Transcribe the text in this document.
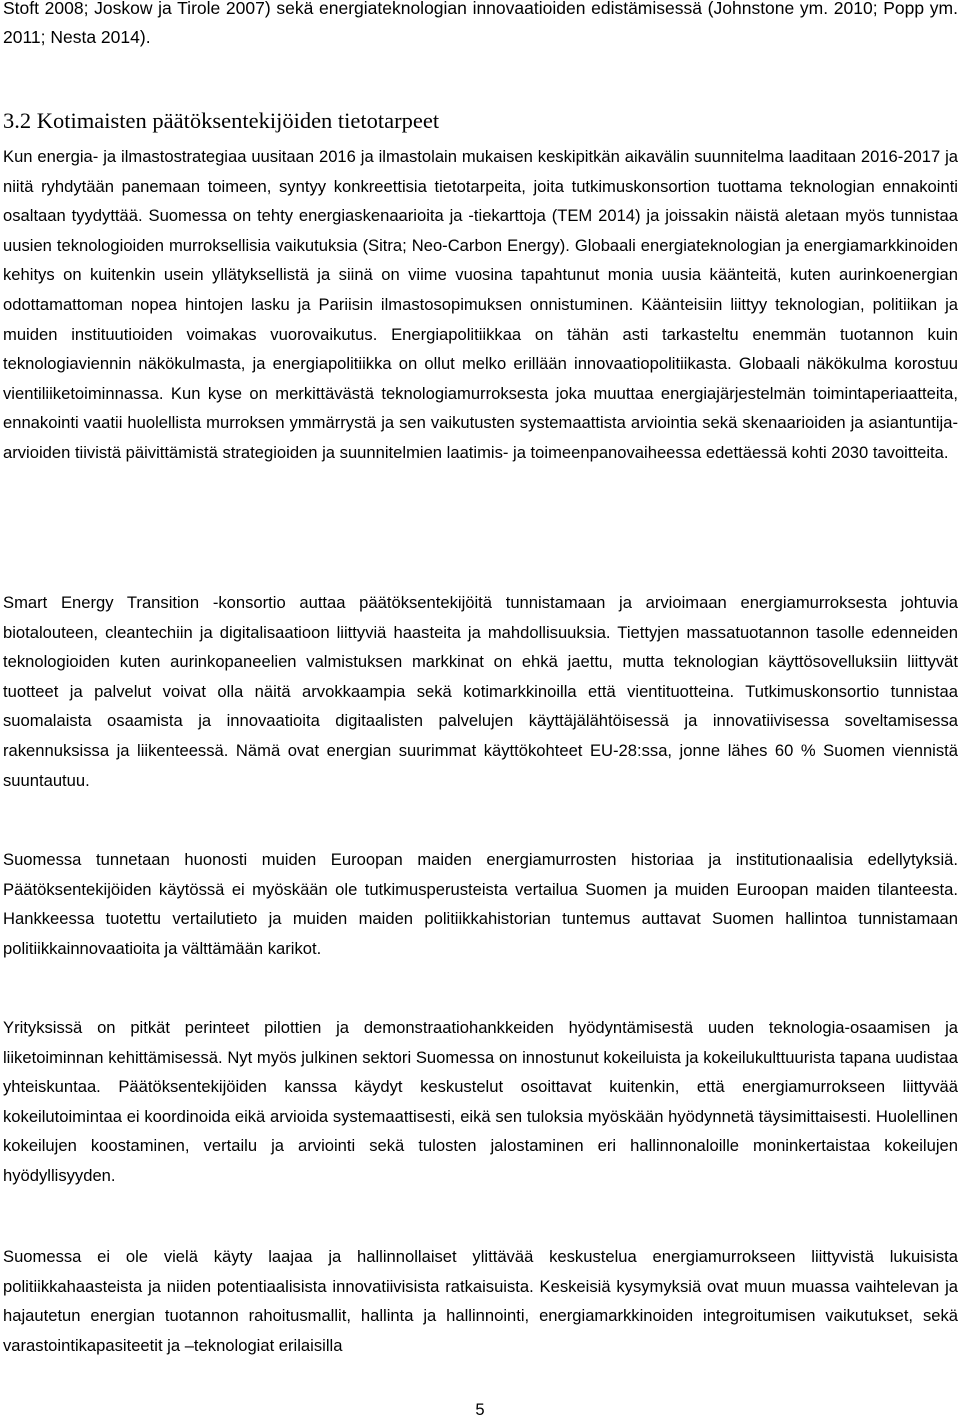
Stoft 2008; Joskow ja Tirole 2007) sekä energiateknologian innovaatioiden edistämisessä (Johnstone ym. 2010; Popp ym. 2011; Nesta 2014).
3.2 Kotimaisten päätöksentekijöiden tietotarpeet
Kun energia- ja ilmastostrategiaa uusitaan 2016 ja ilmastolain mukaisen keskipitkän aikavälin suunnitelma laaditaan 2016-2017 ja niitä ryhdytään panemaan toimeen, syntyy konkreettisia tietotarpeita, joita tutkimuskonsortion tuottama teknologian ennakointi osaltaan tyydyttää. Suomessa on tehty energiaskenaarioita ja -tiekarttoja (TEM 2014) ja joissakin näistä aletaan myös tunnistaa uusien teknologioiden murroksellisia vaikutuksia (Sitra; Neo-Carbon Energy). Globaali energiateknologian ja energiamarkkinoiden kehitys on kuitenkin usein yllätyksellistä ja siinä on viime vuosina tapahtunut monia uusia käänteitä, kuten aurinkoenergian odottamattoman nopea hintojen lasku ja Pariisin ilmastosopimuksen onnistuminen. Käänteisiin liittyy teknologian, politiikan ja muiden instituutioiden voimakas vuorovaikutus. Energiapolitiikkaa on tähän asti tarkasteltu enemmän tuotannon kuin teknologiaviennin näkökulmasta, ja energiapolitiikka on ollut melko erillään innovaatiopolitiikasta. Globaali näkökulma korostuu vientiliiketoiminnassa. Kun kyse on merkittävästä teknologiamurroksesta joka muuttaa energiajärjestelmän toimintaperiaatteita, ennakointi vaatii huolellista murroksen ymmärrystä ja sen vaikutusten systemaattista arviointia sekä skenaarioiden ja asiantuntija-arvioiden tiivistä päivittämistä strategioiden ja suunnitelmien laatimis- ja toimeenpanovaiheessa edettäessä kohti 2030 tavoitteita.
Smart Energy Transition -konsortio auttaa päätöksentekijöitä tunnistamaan ja arvioimaan energiamurroksesta johtuvia biotalouteen, cleantechiin ja digitalisaatioon liittyviä haasteita ja mahdollisuuksia. Tiettyjen massatuotannon tasolle edenneiden teknologioiden kuten aurinkopaneelien valmistuksen markkinat on ehkä jaettu, mutta teknologian käyttösovelluksiin liittyvät tuotteet ja palvelut voivat olla näitä arvokkaampia sekä kotimarkkinoilla että vientituotteina. Tutkimuskonsortio tunnistaa suomalaista osaamista ja innovaatioita digitaalisten palvelujen käyttäjälähtöisessä ja innovatiivisessa soveltamisessa rakennuksissa ja liikenteessä. Nämä ovat energian suurimmat käyttökohteet EU-28:ssa, jonne lähes 60 % Suomen viennistä suuntautuu.
Suomessa tunnetaan huonosti muiden Euroopan maiden energiamurrosten historiaa ja institutionaalisia edellytyksiä. Päätöksentekijöiden käytössä ei myöskään ole tutkimusperusteista vertailua Suomen ja muiden Euroopan maiden tilanteesta. Hankkeessa tuotettu vertailutieto ja muiden maiden politiikkahistorian tuntemus auttavat Suomen hallintoa tunnistamaan politiikkainnovaatioita ja välttämään karikot.
Yrityksissä on pitkät perinteet pilottien ja demonstraatiohankkeiden hyödyntämisestä uuden teknologia-osaamisen ja liiketoiminnan kehittämisessä. Nyt myös julkinen sektori Suomessa on innostunut kokeiluista ja kokeilukulttuurista tapana uudistaa yhteiskuntaa. Päätöksentekijöiden kanssa käydyt keskustelut osoittavat kuitenkin, että energiamurrokseen liittyvää kokeilutoimintaa ei koordinoida eikä arvioida systemaattisesti, eikä sen tuloksia myöskään hyödynnetä täysimittaisesti. Huolellinen kokeilujen koostaminen, vertailu ja arviointi sekä tulosten jalostaminen eri hallinnonaloille moninkertaistaa kokeilujen hyödyllisyyden.
Suomessa ei ole vielä käyty laajaa ja hallinnollaiset ylittävää keskustelua energiamurrokseen liittyvistä lukuisista politiikkahaasteista ja niiden potentiaalisista innovatiivisista ratkaisuista. Keskeisiä kysymyksiä ovat muun muassa vaihtelevan ja hajautetun energian tuotannon rahoitusmallit, hallinta ja hallinnointi, energiamarkkinoiden integroitumisen vaikutukset, sekä varastointikapasiteetit ja –teknologiat erilaisilla
5
